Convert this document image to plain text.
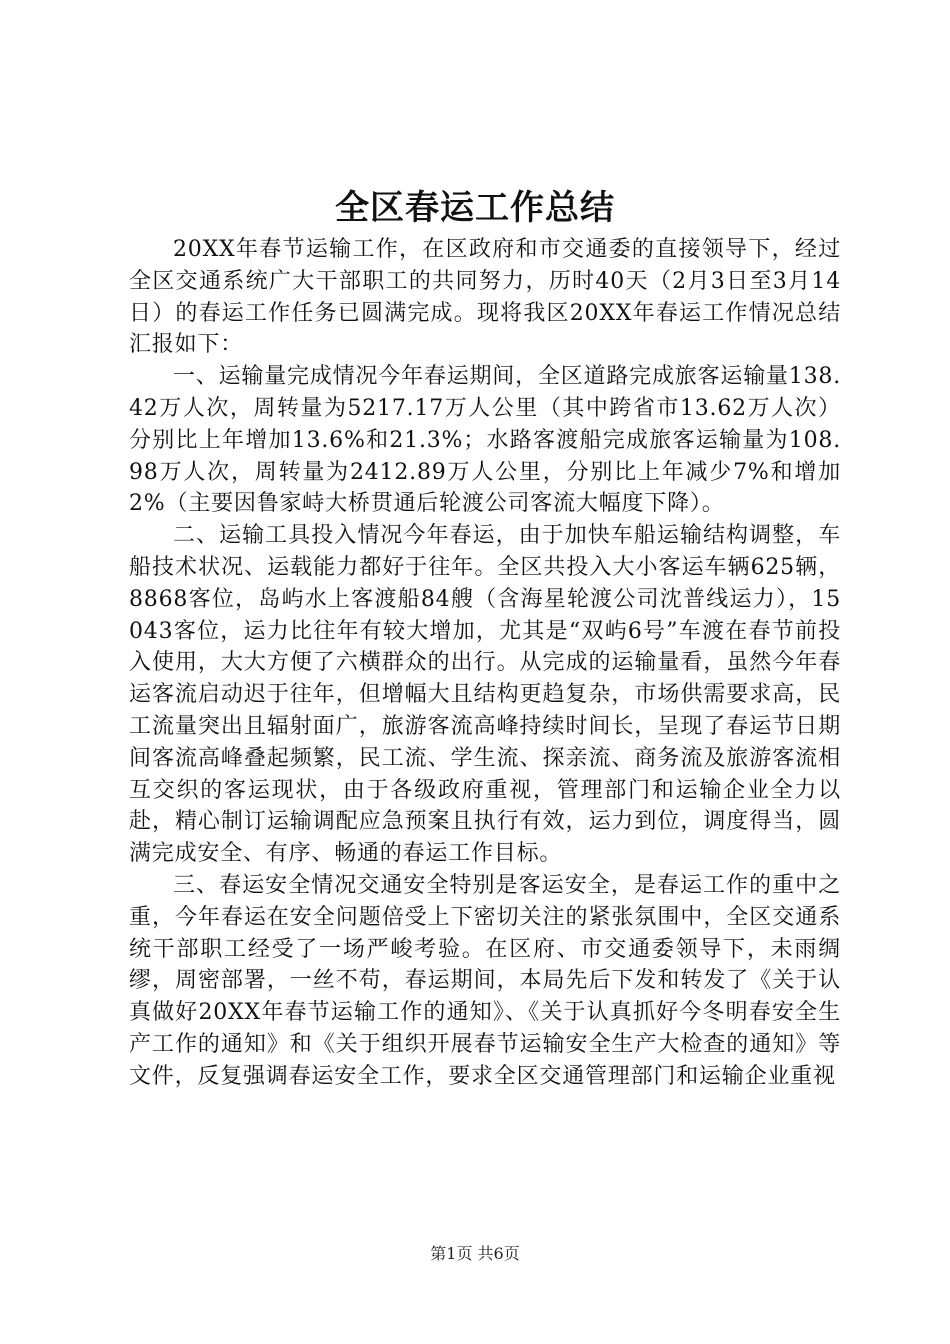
全区春运工作总结

20XX年春节运输工作，在区政府和市交通委的直接领导下，经过全区交通系统广大干部职工的共同努力，历时40天（2月3日至3月14日）的春运工作任务已圆满完成。现将我区20XX年春运工作情况总结汇报如下：

一、运输量完成情况今年春运期间，全区道路完成旅客运输量138.42万人次，周转量为5217.17万人公里（其中跨省市13.62万人次）分别比上年增加13.6%和21.3%；水路客渡船完成旅客运输量为108.98万人次，周转量为2412.89万人公里，分别比上年减少7%和增加2%（主要因鲁家峙大桥贯通后轮渡公司客流大幅度下降）。

二、运输工具投入情况今年春运，由于加快车船运输结构调整，车船技术状况、运载能力都好于往年。全区共投入大小客运车辆625辆，8868客位，岛屿水上客渡船84艘（含海星轮渡公司沈普线运力），15043客位，运力比往年有较大增加，尤其是“双屿6号”车渡在春节前投入使用，大大方便了六横群众的出行。从完成的运输量看，虽然今年春运客流启动迟于往年，但增幅大且结构更趋复杂，市场供需要求高，民工流量突出且辐射面广，旅游客流高峰持续时间长，呈现了春运节日期间客流高峰叠起频繁，民工流、学生流、探亲流、商务流及旅游客流相互交织的客运现状，由于各级政府重视，管理部门和运输企业全力以赴，精心制订运输调配应急预案且执行有效，运力到位，调度得当，圆满完成安全、有序、畅通的春运工作目标。

三、春运安全情况交通安全特别是客运安全，是春运工作的重中之重，今年春运在安全问题倍受上下密切关注的紧张氛围中，全区交通系统干部职工经受了一场严峻考验。在区府、市交通委领导下，未雨绸缪，周密部署，一丝不苟，春运期间，本局先后下发和转发了《关于认真做好20XX年春节运输工作的通知》、《关于认真抓好今冬明春安全生产工作的通知》和《关于组织开展春节运输安全生产大检查的通知》等文件，反复强调春运安全工作，要求全区交通管理部门和运输企业重视

第1页 共6页
